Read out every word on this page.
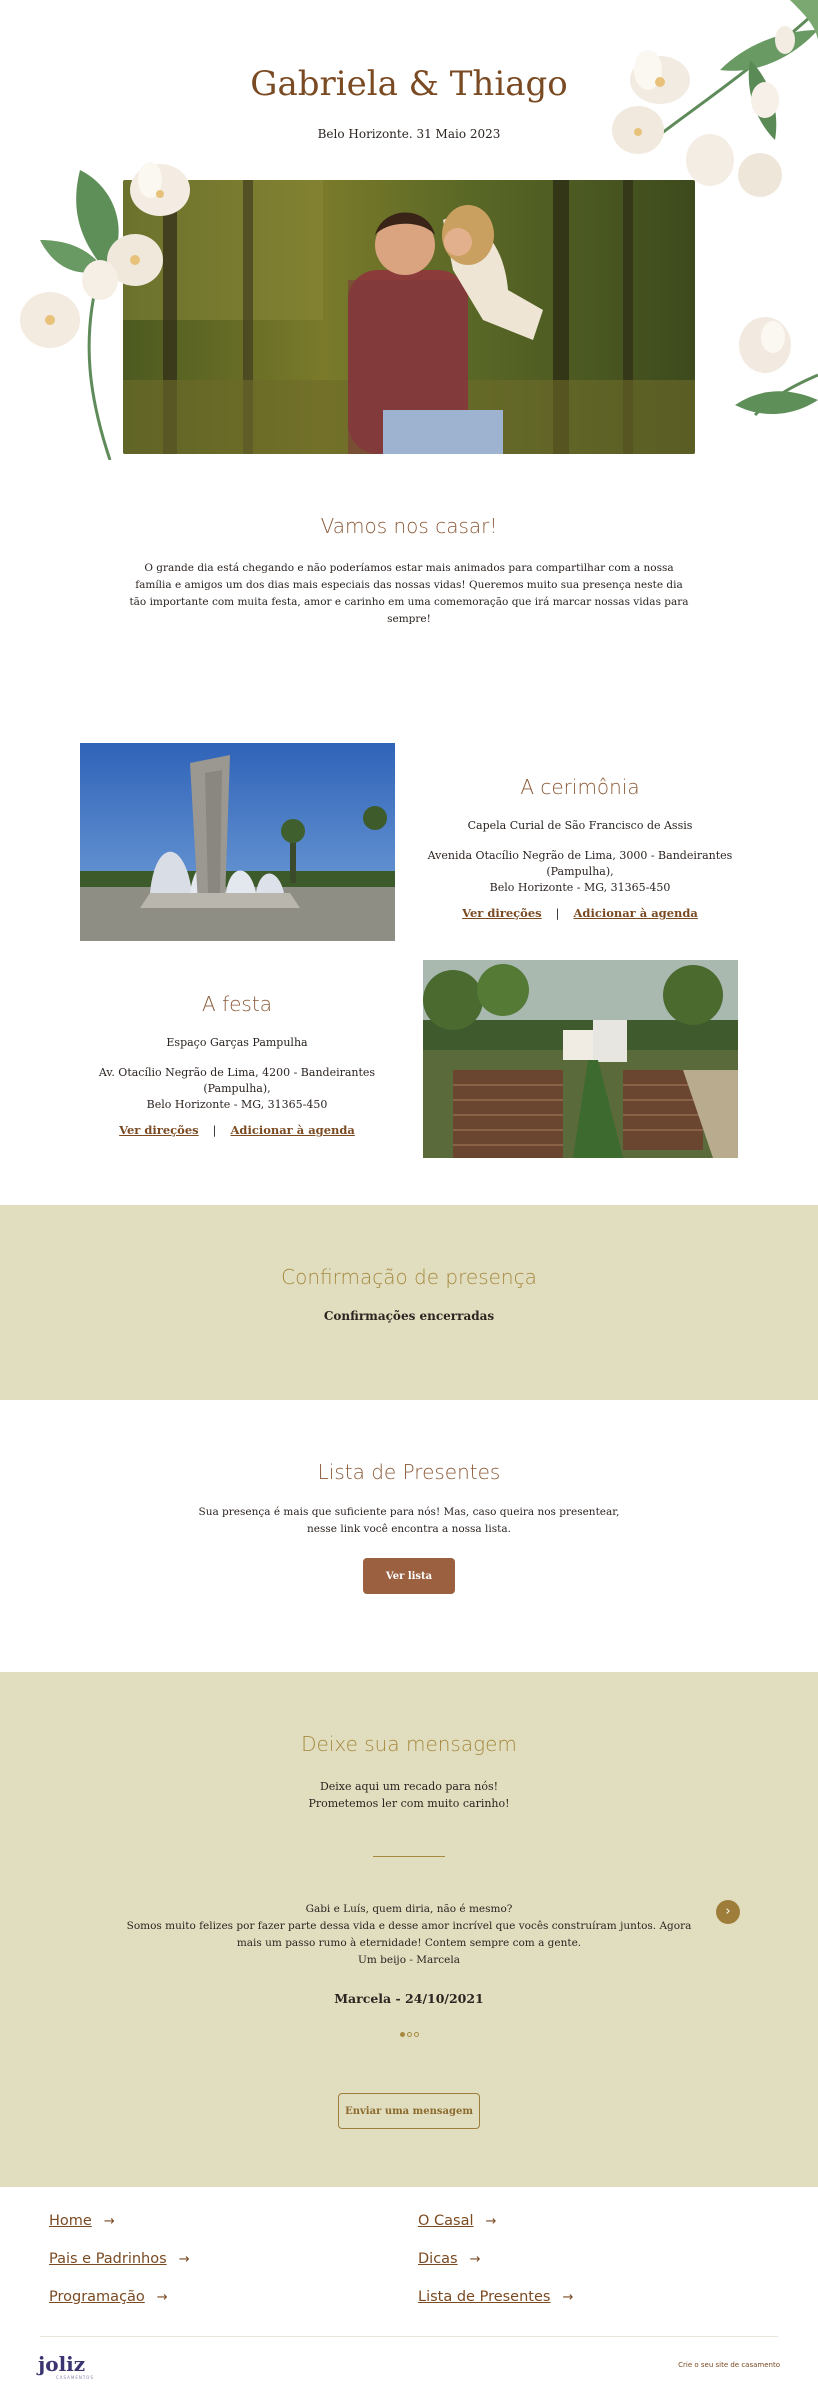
Gabriela & Thiago

Belo Horizonte. 31 Maio 2023

Vamos nos casar!

O grande dia está chegando e não poderíamos estar mais animados para compartilhar com a nossa família e amigos um dos dias mais especiais das nossas vidas! Queremos muito sua presença neste dia tão importante com muita festa, amor e carinho em uma comemoração que irá marcar nossas vidas para sempre!

A cerimônia

Capela Curial de São Francisco de Assis

Avenida Otacílio Negrão de Lima, 3000 - Bandeirantes (Pampulha),
Belo Horizonte - MG, 31365-450

Ver direções | Adicionar à agenda

A festa

Espaço Garças Pampulha

Av. Otacílio Negrão de Lima, 4200 - Bandeirantes (Pampulha),
Belo Horizonte - MG, 31365-450

Ver direções | Adicionar à agenda

Confirmação de presença

Confirmações encerradas

Lista de Presentes

Sua presença é mais que suficiente para nós! Mas, caso queira nos presentear, nesse link você encontra a nossa lista.

Ver lista
Deixe sua mensagem

Deixe aqui um recado para nós!
Prometemos ler com muito carinho!

Gabi e Luís, quem diria, não é mesmo?
Somos muito felizes por fazer parte dessa vida e desse amor incrível que vocês construíram juntos. Agora mais um passo rumo à eternidade! Contem sempre com a gente.
Um beijo - Marcela

Marcela - 24/10/2021

›
Enviar uma mensagem
Home →
Pais e Padrinhos →
Programação →
O Casal →
Dicas →
Lista de Presentes →
joliz
CASAMENTOS
Crie o seu site de casamento
